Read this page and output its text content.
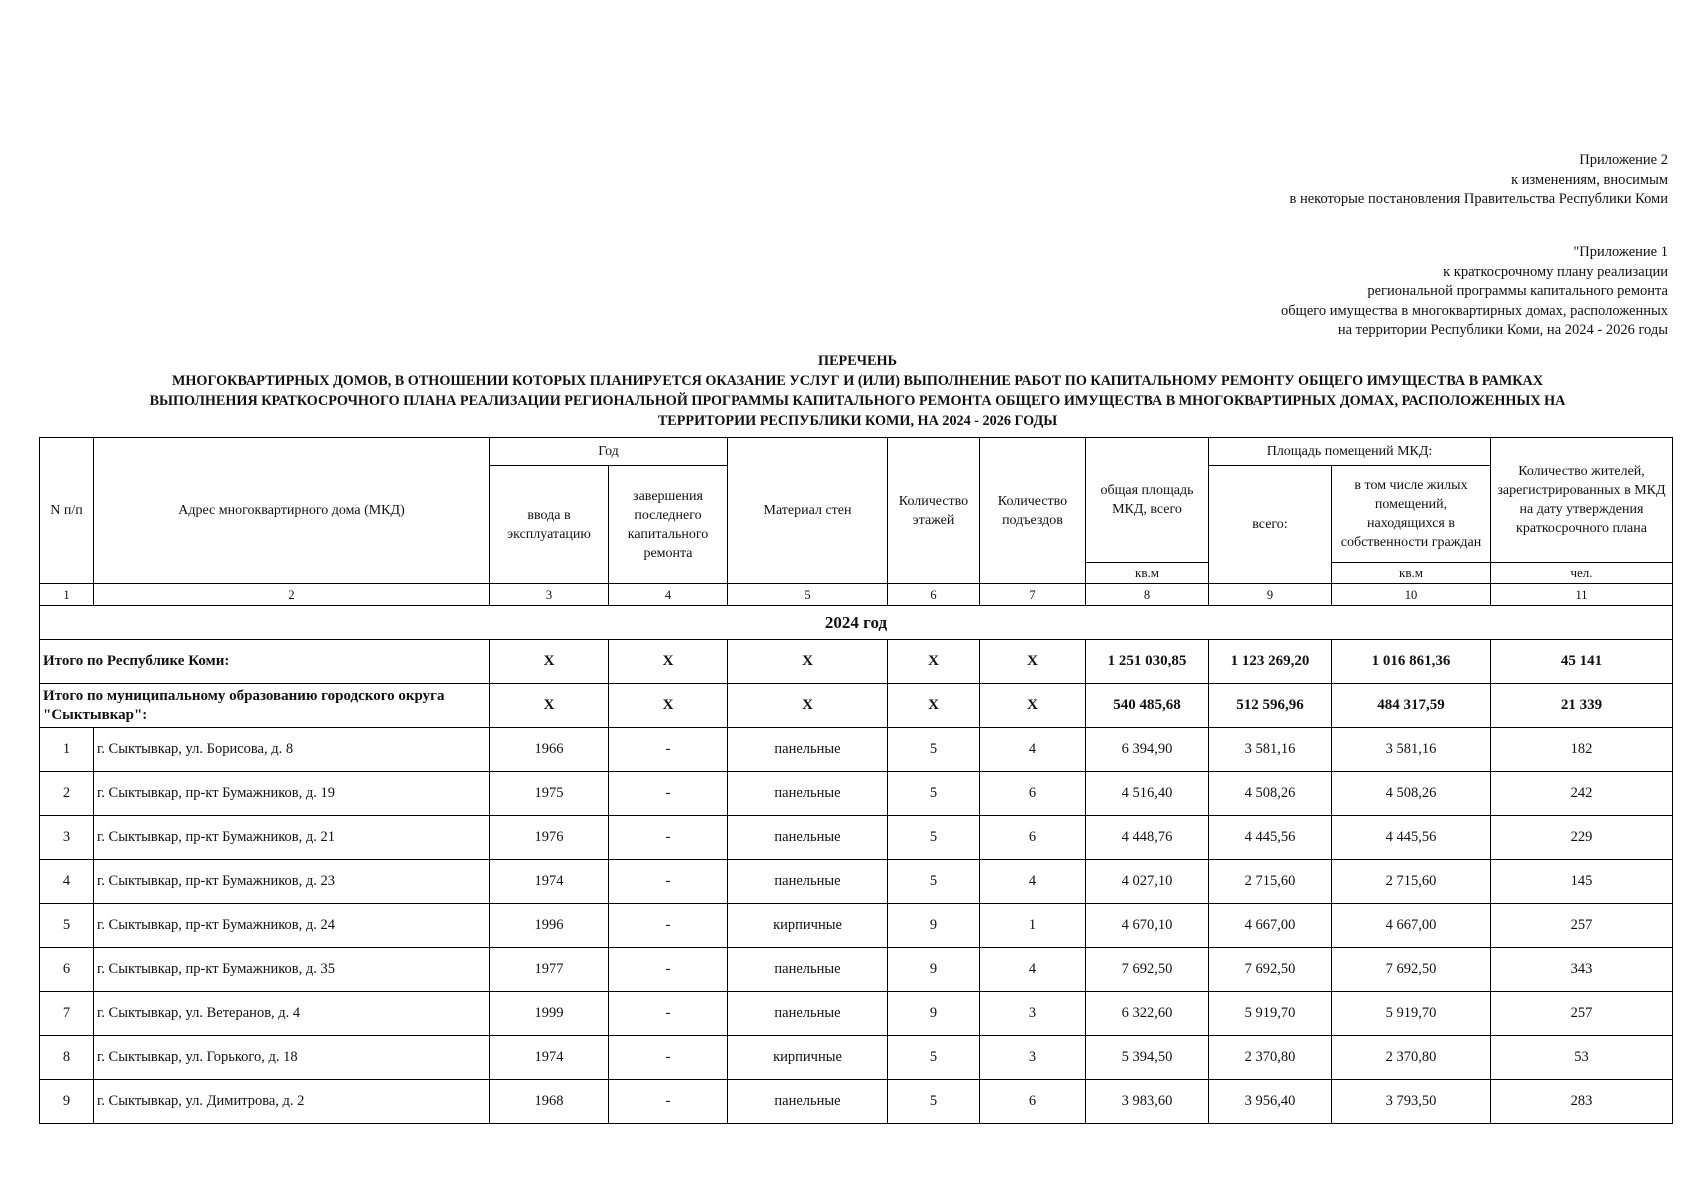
Приложение 2
к изменениям, вносимым
в некоторые постановления Правительства Республики Коми
"Приложение 1
к краткосрочному плану реализации
региональной программы капитального ремонта
общего имущества в многоквартирных домах, расположенных
на территории Республики Коми, на 2024 - 2026 годы
ПЕРЕЧЕНЬ
МНОГОКВАРТИРНЫХ ДОМОВ, В ОТНОШЕНИИ КОТОРЫХ ПЛАНИРУЕТСЯ ОКАЗАНИЕ УСЛУГ И (ИЛИ) ВЫПОЛНЕНИЕ РАБОТ ПО КАПИТАЛЬНОМУ РЕМОНТУ ОБЩЕГО ИМУЩЕСТВА В РАМКАХ
ВЫПОЛНЕНИЯ КРАТКОСРОЧНОГО ПЛАНА РЕАЛИЗАЦИИ РЕГИОНАЛЬНОЙ ПРОГРАММЫ КАПИТАЛЬНОГО РЕМОНТА ОБЩЕГО ИМУЩЕСТВА В МНОГОКВАРТИРНЫХ ДОМАХ, РАСПОЛОЖЕННЫХ НА
ТЕРРИТОРИИ РЕСПУБЛИКИ КОМИ, НА 2024 - 2026 ГОДЫ
N п/п	Адрес многоквартирного дома (МКД)	Год		Материал стен	Количество этажей	Количество подъездов	общая площадь МКД, всего	Площадь помещений МКД:		Количество жителей, зарегистрированных в МКД на дату утверждения краткосрочного плана
		ввода в эксплуатацию	завершения последнего капитального ремонта					всего:	в том числе жилых помещений, находящихся в собственности граждан	
							кв.м		кв.м	чел.
1	2	3	4	5	6	7	8	9	10	11
2024 год										
Итого по Республике Коми:		X	X	X	X	X	1 251 030,85	1 123 269,20	1 016 861,36	45 141
Итого по муниципальному образованию городского округа "Сыктывкар":		X	X	X	X	X	540 485,68	512 596,96	484 317,59	21 339
1	г. Сыктывкар, ул. Борисова, д. 8	1966	-	панельные	5	4	6 394,90	3 581,16	3 581,16	182
2	г. Сыктывкар, пр-кт Бумажников, д. 19	1975	-	панельные	5	6	4 516,40	4 508,26	4 508,26	242
3	г. Сыктывкар, пр-кт Бумажников, д. 21	1976	-	панельные	5	6	4 448,76	4 445,56	4 445,56	229
4	г. Сыктывкар, пр-кт Бумажников, д. 23	1974	-	панельные	5	4	4 027,10	2 715,60	2 715,60	145
5	г. Сыктывкар, пр-кт Бумажников, д. 24	1996	-	кирпичные	9	1	4 670,10	4 667,00	4 667,00	257
6	г. Сыктывкар, пр-кт Бумажников, д. 35	1977	-	панельные	9	4	7 692,50	7 692,50	7 692,50	343
7	г. Сыктывкар, ул. Ветеранов, д. 4	1999	-	панельные	9	3	6 322,60	5 919,70	5 919,70	257
8	г. Сыктывкар, ул. Горького, д. 18	1974	-	кирпичные	5	3	5 394,50	2 370,80	2 370,80	53
9	г. Сыктывкар, ул. Димитрова, д. 2	1968	-	панельные	5	6	3 983,60	3 956,40	3 793,50	283
